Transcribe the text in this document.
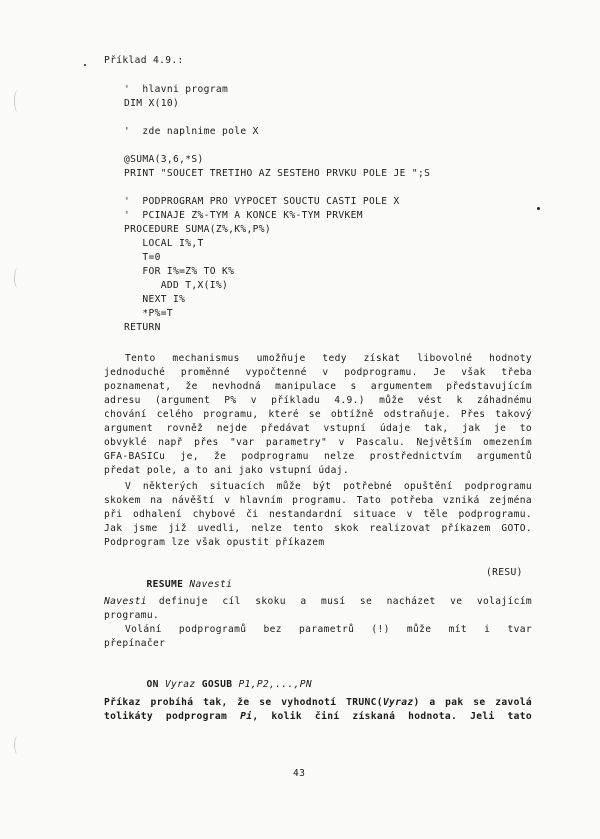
Příklad 4.9.:
'  hlavni program
DIM X(10)
'  zde naplnime pole X
@SUMA(3,6,*S)
PRINT "SOUCET TRETIHO AZ SESTEHO PRVKU POLE JE ";S
'  PODPROGRAM PRO VYPOCET SOUCTU CASTI POLE X
'  PCINAJE Z%-TYM A KONCE K%-TYM PRVKEM
PROCEDURE SUMA(Z%,K%,P%)
LOCAL I%,T
T=0
FOR I%=Z% TO K%
ADD T,X(I%)
NEXT I%
*P%=T
RETURN
Tento mechanismus umožňuje tedy získat libovolné hodnoty
jednoduché proměnné vypočtenné v podprogramu. Je však třeba
poznamenat, že nevhodná manipulace s argumentem představujícím
adresu (argument P% v příkladu 4.9.) může vést k záhadnému
chování celého programu, které se obtížně odstraňuje. Přes takový
argument rovněž nejde předávat vstupní údaje tak, jak je to
obvyklé např přes "var parametry" v Pascalu. Největším omezením
GFA-BASICu je, že podprogramu nelze prostřednictvím argumentů
předat pole, a to ani jako vstupní údaj.
V některých situacích může být potřebné opuštění podprogramu
skokem na návěští v hlavním programu. Tato potřeba vzniká zejména
při odhalení chybové či nestandardní situace v těle podprogramu.
Jak jsme již uvedli, nelze tento skok realizovat příkazem GOTO.
Podprogram lze však opustit příkazem

RESUME Navesti

(RESU)
Navesti definuje cíl skoku a musí se nacházet ve volajícím
programu.
Volání podprogramů bez parametrů (!) může mít i tvar
přepínačer

ON Vyraz GOSUB P1,P2,...,PN

Příkaz probíhá tak, že se vyhodnotí TRUNC(Vyraz) a pak se zavolá
tolikáty podprogram Pi, kolik činí získaná hodnota. Jeli tato
43
